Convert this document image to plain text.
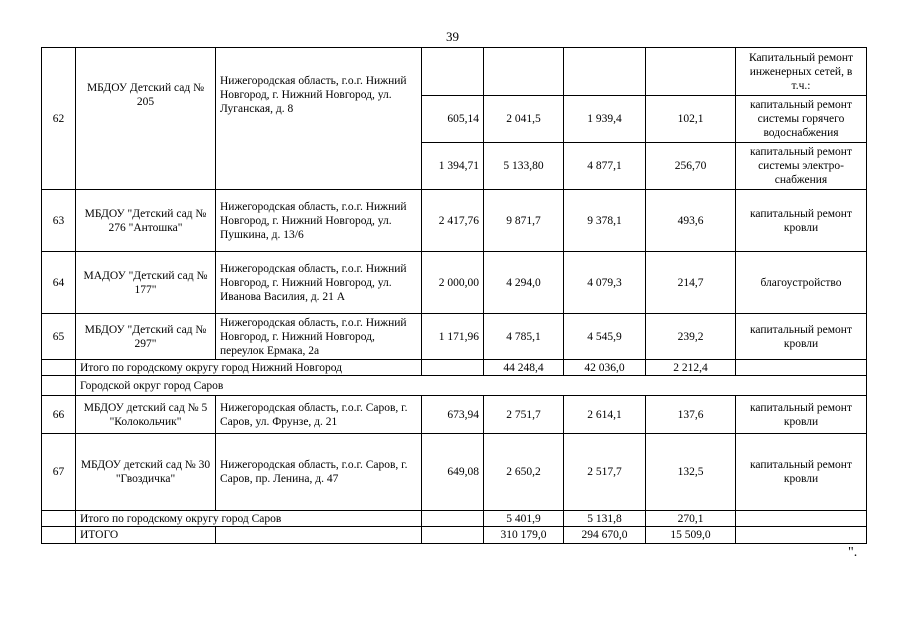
39
62	МБДОУ Детский сад № 205	Нижегородская область, г.о.г. Нижний Новгород, г. Нижний Новгород, ул. Луганская, д. 8					Капитальный ремонт инженерных сетей, в т.ч.:
			605,14	2 041,5	1 939,4	102,1	капитальный ремонт системы горячего водоснабжения
			1 394,71	5 133,80	4 877,1	256,70	капитальный ремонт системы электро-снабжения
63	МБДОУ "Детский сад № 276 "Антошка"	Нижегородская область, г.о.г. Нижний Новгород, г. Нижний Новгород, ул. Пушкина, д. 13/6	2 417,76	9 871,7	9 378,1	493,6	капитальный ремонт кровли
64	МАДОУ "Детский сад № 177"	Нижегородская область, г.о.г. Нижний Новгород, г. Нижний Новгород, ул. Иванова Василия, д. 21 А	2 000,00	4 294,0	4 079,3	214,7	благоустройство
65	МБДОУ "Детский сад № 297"	Нижегородская область, г.о.г. Нижний Новгород, г. Нижний Новгород, переулок Ермака, 2а	1 171,96	4 785,1	4 545,9	239,2	капитальный ремонт кровли
	Итого по городскому округу город Нижний Новгород			44 248,4	42 036,0	2 212,4	
	Городской округ город Саров						
66	МБДОУ детский сад № 5 "Колокольчик"	Нижегородская область, г.о.г. Саров, г. Саров, ул. Фрунзе, д. 21	673,94	2 751,7	2 614,1	137,6	капитальный ремонт кровли
67	МБДОУ детский сад № 30 "Гвоздичка"	Нижегородская область, г.о.г. Саров, г. Саров, пр. Ленина, д. 47	649,08	2 650,2	2 517,7	132,5	капитальный ремонт кровли
	Итого по городскому округу город Саров			5 401,9	5 131,8	270,1	
	ИТОГО			310 179,0	294 670,0	15 509,0	
".
